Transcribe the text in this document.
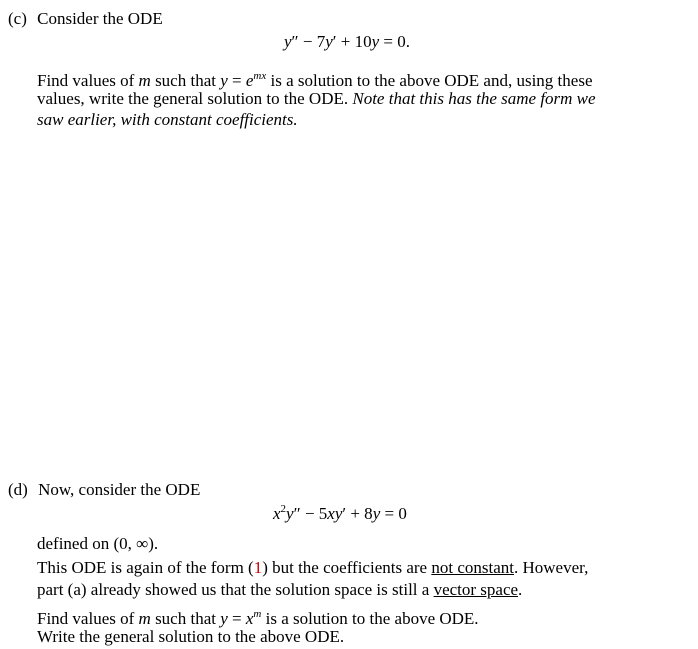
(c) Consider the ODE
y″ − 7y′ + 10y = 0.
Find values of m such that $y = e^{mx}$ is a solution to the above ODE and, using these
values, write the general solution to the ODE. Note that this has the same form we
saw earlier, with constant coefficients.
(d) Now, consider the ODE
$x^2y'' - 5xy' + 8y = 0$
defined on (0, ∞).
This ODE is again of the form (1) but the coefficients are not constant. However,
part (a) already showed us that the solution space is still a vector space.
Find values of m such that $y = x^m$ is a solution to the above ODE.
Write the general solution to the above ODE.
